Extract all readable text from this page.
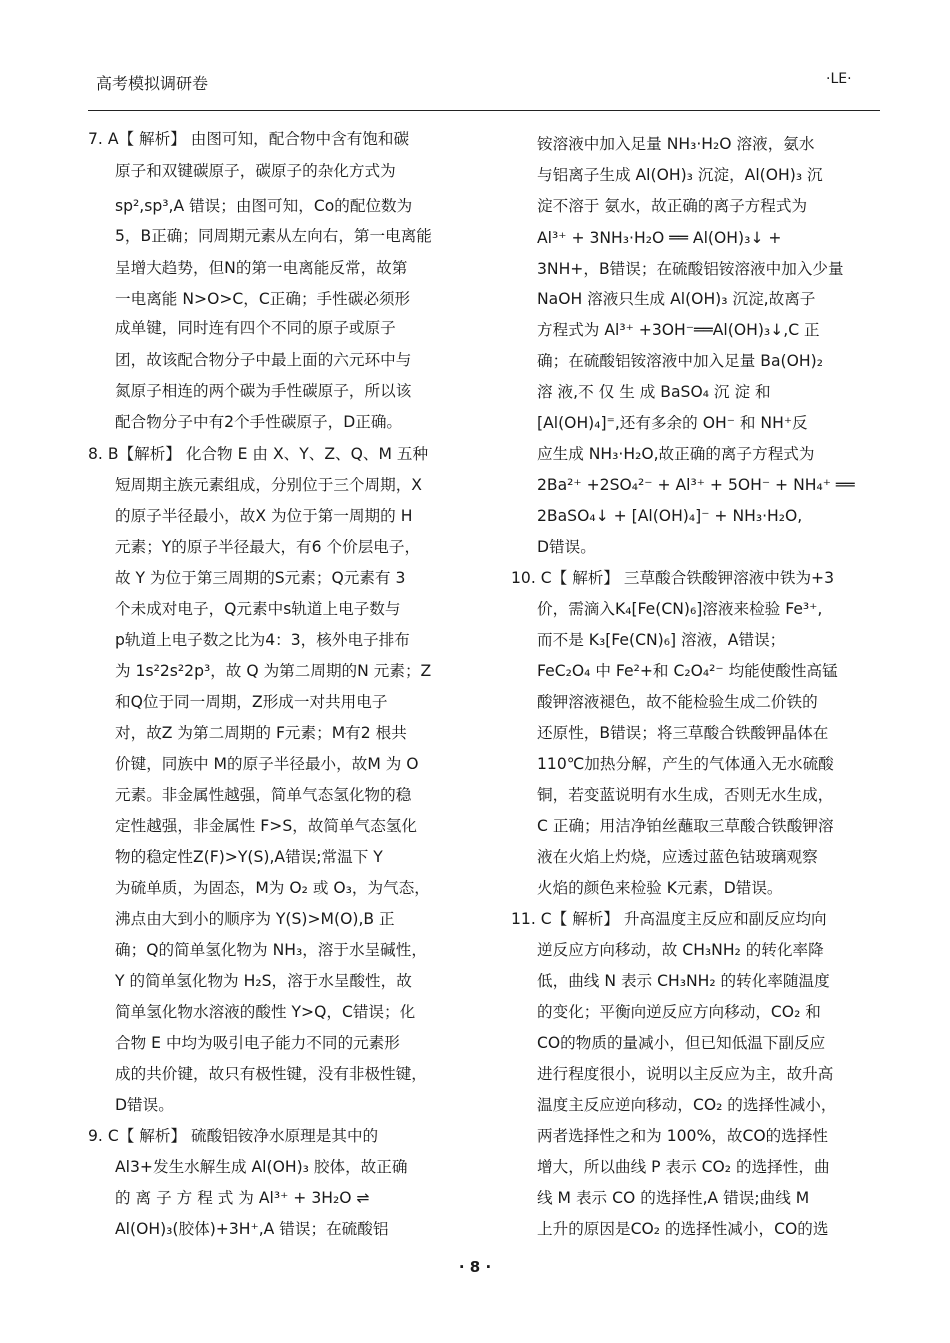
高考模拟调研卷	·LE·
7. A【 解析】 由图可知，配合物中含有饱和碳
原子和双键碳原子，碳原子的杂化方式为
sp²,sp³,A 错误；由图可知，Co的配位数为
5，B正确；同周期元素从左向右，第一电离能
呈增大趋势，但N的第一电离能反常，故第
一电离能 N>O>C，C正确；手性碳必须形
成单键，同时连有四个不同的原子或原子
团，故该配合物分子中最上面的六元环中与
氮原子相连的两个碳为手性碳原子，所以该
配合物分子中有2个手性碳原子，D正确。
8. B【解析】 化合物 E 由 X、Y、Z、Q、M 五种
短周期主族元素组成，分别位于三个周期，X
的原子半径最小，故X 为位于第一周期的 H
元素；Y的原子半径最大，有6 个价层电子，
故 Y 为位于第三周期的S元素；Q元素有 3
个未成对电子，Q元素中s轨道上电子数与
p轨道上电子数之比为4：3，核外电子排布
为 1s²2s²2p³，故 Q 为第二周期的N 元素；Z
和Q位于同一周期，Z形成一对共用电子
对，故Z 为第二周期的 F元素；M有2 根共
价键，同族中 M的原子半径最小，故M 为 O
元素。非金属性越强，简单气态氢化物的稳
定性越强，非金属性 F>S，故简单气态氢化
物的稳定性Z(F)>Y(S),A错误;常温下 Y
为硫单质，为固态，M为 O₂ 或 O₃，为气态，
沸点由大到小的顺序为 Y(S)>M(O),B 正
确；Q的简单氢化物为 NH₃，溶于水呈碱性，
Y 的简单氢化物为 H₂S，溶于水呈酸性，故
简单氢化物水溶液的酸性 Y>Q，C错误；化
合物 E 中均为吸引电子能力不同的元素形
成的共价键，故只有极性键，没有非极性键，
D错误。
9. C【 解析】 硫酸铝铵净水原理是其中的
Al3+发生水解生成 Al(OH)₃ 胶体，故正确
的 离 子 方 程 式 为 Al³⁺ + 3H₂O ⇌
Al(OH)₃(胶体)+3H⁺,A 错误；在硫酸铝
铵溶液中加入足量 NH₃·H₂O 溶液，氨水
与铝离子生成 Al(OH)₃ 沉淀，Al(OH)₃ 沉
淀不溶于 氨水，故正确的离子方程式为
Al³⁺ + 3NH₃·H₂O ══ Al(OH)₃↓ +
3NH+，B错误；在硫酸铝铵溶液中加入少量
NaOH 溶液只生成 Al(OH)₃ 沉淀,故离子
方程式为 Al³⁺ +3OH⁻══Al(OH)₃↓,C 正
确；在硫酸铝铵溶液中加入足量 Ba(OH)₂
溶 液,不 仅 生 成 BaSO₄ 沉 淀 和
[Al(OH)₄]⁼,还有多余的 OH⁻ 和 NH⁺反
应生成 NH₃·H₂O,故正确的离子方程式为
2Ba²⁺ +2SO₄²⁻ + Al³⁺ + 5OH⁻ + NH₄⁺ ══
2BaSO₄↓ + [Al(OH)₄]⁻ + NH₃·H₂O,
D错误。
10. C【 解析】 三草酸合铁酸钾溶液中铁为+3
价，需滴入K₄[Fe(CN)₆]溶液来检验 Fe³⁺,
而不是 K₃[Fe(CN)₆] 溶液，A错误；
FeC₂O₄ 中 Fe²+和 C₂O₄²⁻ 均能使酸性高锰
酸钾溶液褪色，故不能检验生成二价铁的
还原性，B错误；将三草酸合铁酸钾晶体在
110℃加热分解，产生的气体通入无水硫酸
铜，若变蓝说明有水生成，否则无水生成，
C 正确；用洁净铂丝蘸取三草酸合铁酸钾溶
液在火焰上灼烧，应透过蓝色钴玻璃观察
火焰的颜色来检验 K元素，D错误。
11. C【 解析】 升高温度主反应和副反应均向
逆反应方向移动，故 CH₃NH₂ 的转化率降
低，曲线 N 表示 CH₃NH₂ 的转化率随温度
的变化；平衡向逆反应方向移动，CO₂ 和
CO的物质的量减小，但已知低温下副反应
进行程度很小，说明以主反应为主，故升高
温度主反应逆向移动，CO₂ 的选择性减小，
两者选择性之和为 100%，故CO的选择性
增大，所以曲线 P 表示 CO₂ 的选择性，曲
线 M 表示 CO 的选择性,A 错误;曲线 M
上升的原因是CO₂ 的选择性减小，CO的选
· 8 ·
